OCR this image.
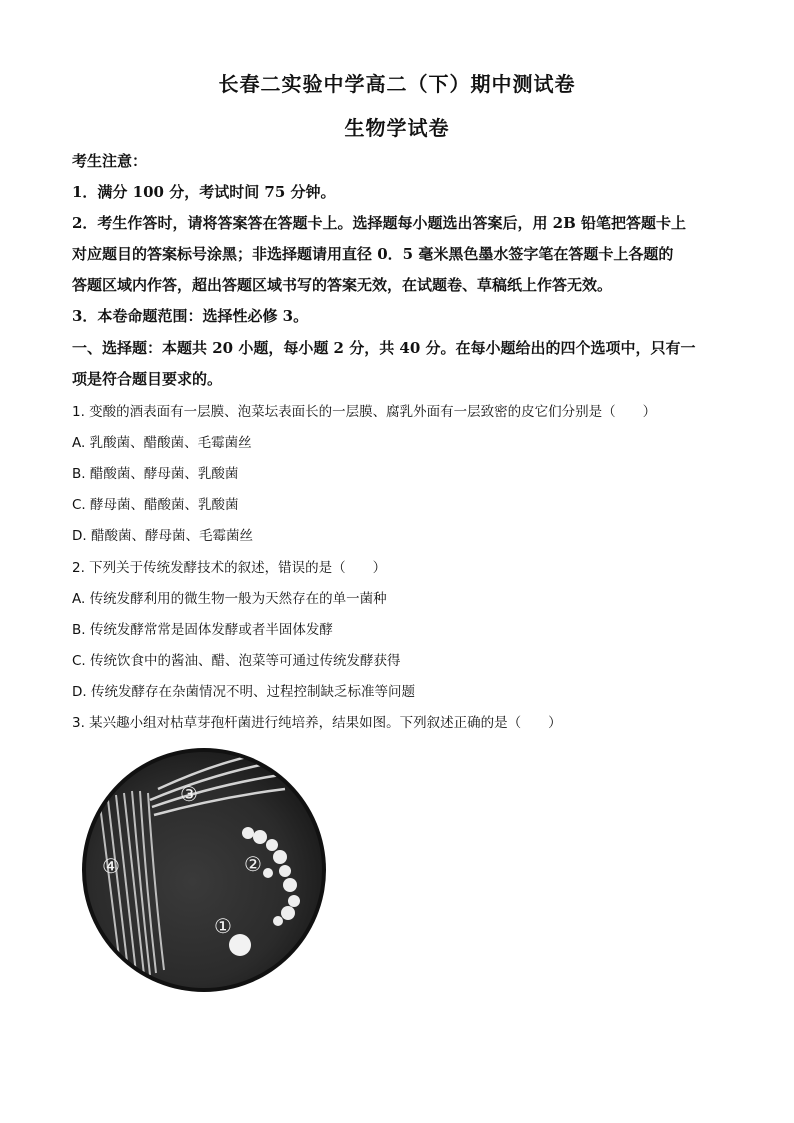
长春二实验中学高二（下）期中测试卷
生物学试卷
考生注意：
1．满分 100 分，考试时间 75 分钟。
2．考生作答时，请将答案答在答题卡上。选择题每小题选出答案后，用 2B 铅笔把答题卡上
对应题目的答案标号涂黑；非选择题请用直径 0．5 毫米黑色墨水签字笔在答题卡上各题的
答题区域内作答，超出答题区域书写的答案无效，在试题卷、草稿纸上作答无效。
3．本卷命题范围：选择性必修 3。
一、选择题：本题共 20 小题，每小题 2 分，共 40 分。在每小题给出的四个选项中，只有一
项是符合题目要求的。
1. 变酸的酒表面有一层膜、泡菜坛表面长的一层膜、腐乳外面有一层致密的皮它们分别是（　　）
A. 乳酸菌、醋酸菌、毛霉菌丝
B. 醋酸菌、酵母菌、乳酸菌
C. 酵母菌、醋酸菌、乳酸菌
D. 醋酸菌、酵母菌、毛霉菌丝
2. 下列关于传统发酵技术的叙述，错误的是（　　）
A. 传统发酵利用的微生物一般为天然存在的单一菌种
B. 传统发酵常常是固体发酵或者半固体发酵
C. 传统饮食中的酱油、醋、泡菜等可通过传统发酵获得
D. 传统发酵存在杂菌情况不明、过程控制缺乏标准等问题
3. 某兴趣小组对枯草芽孢杆菌进行纯培养，结果如图。下列叙述正确的是（　　）
③
④	②
①
